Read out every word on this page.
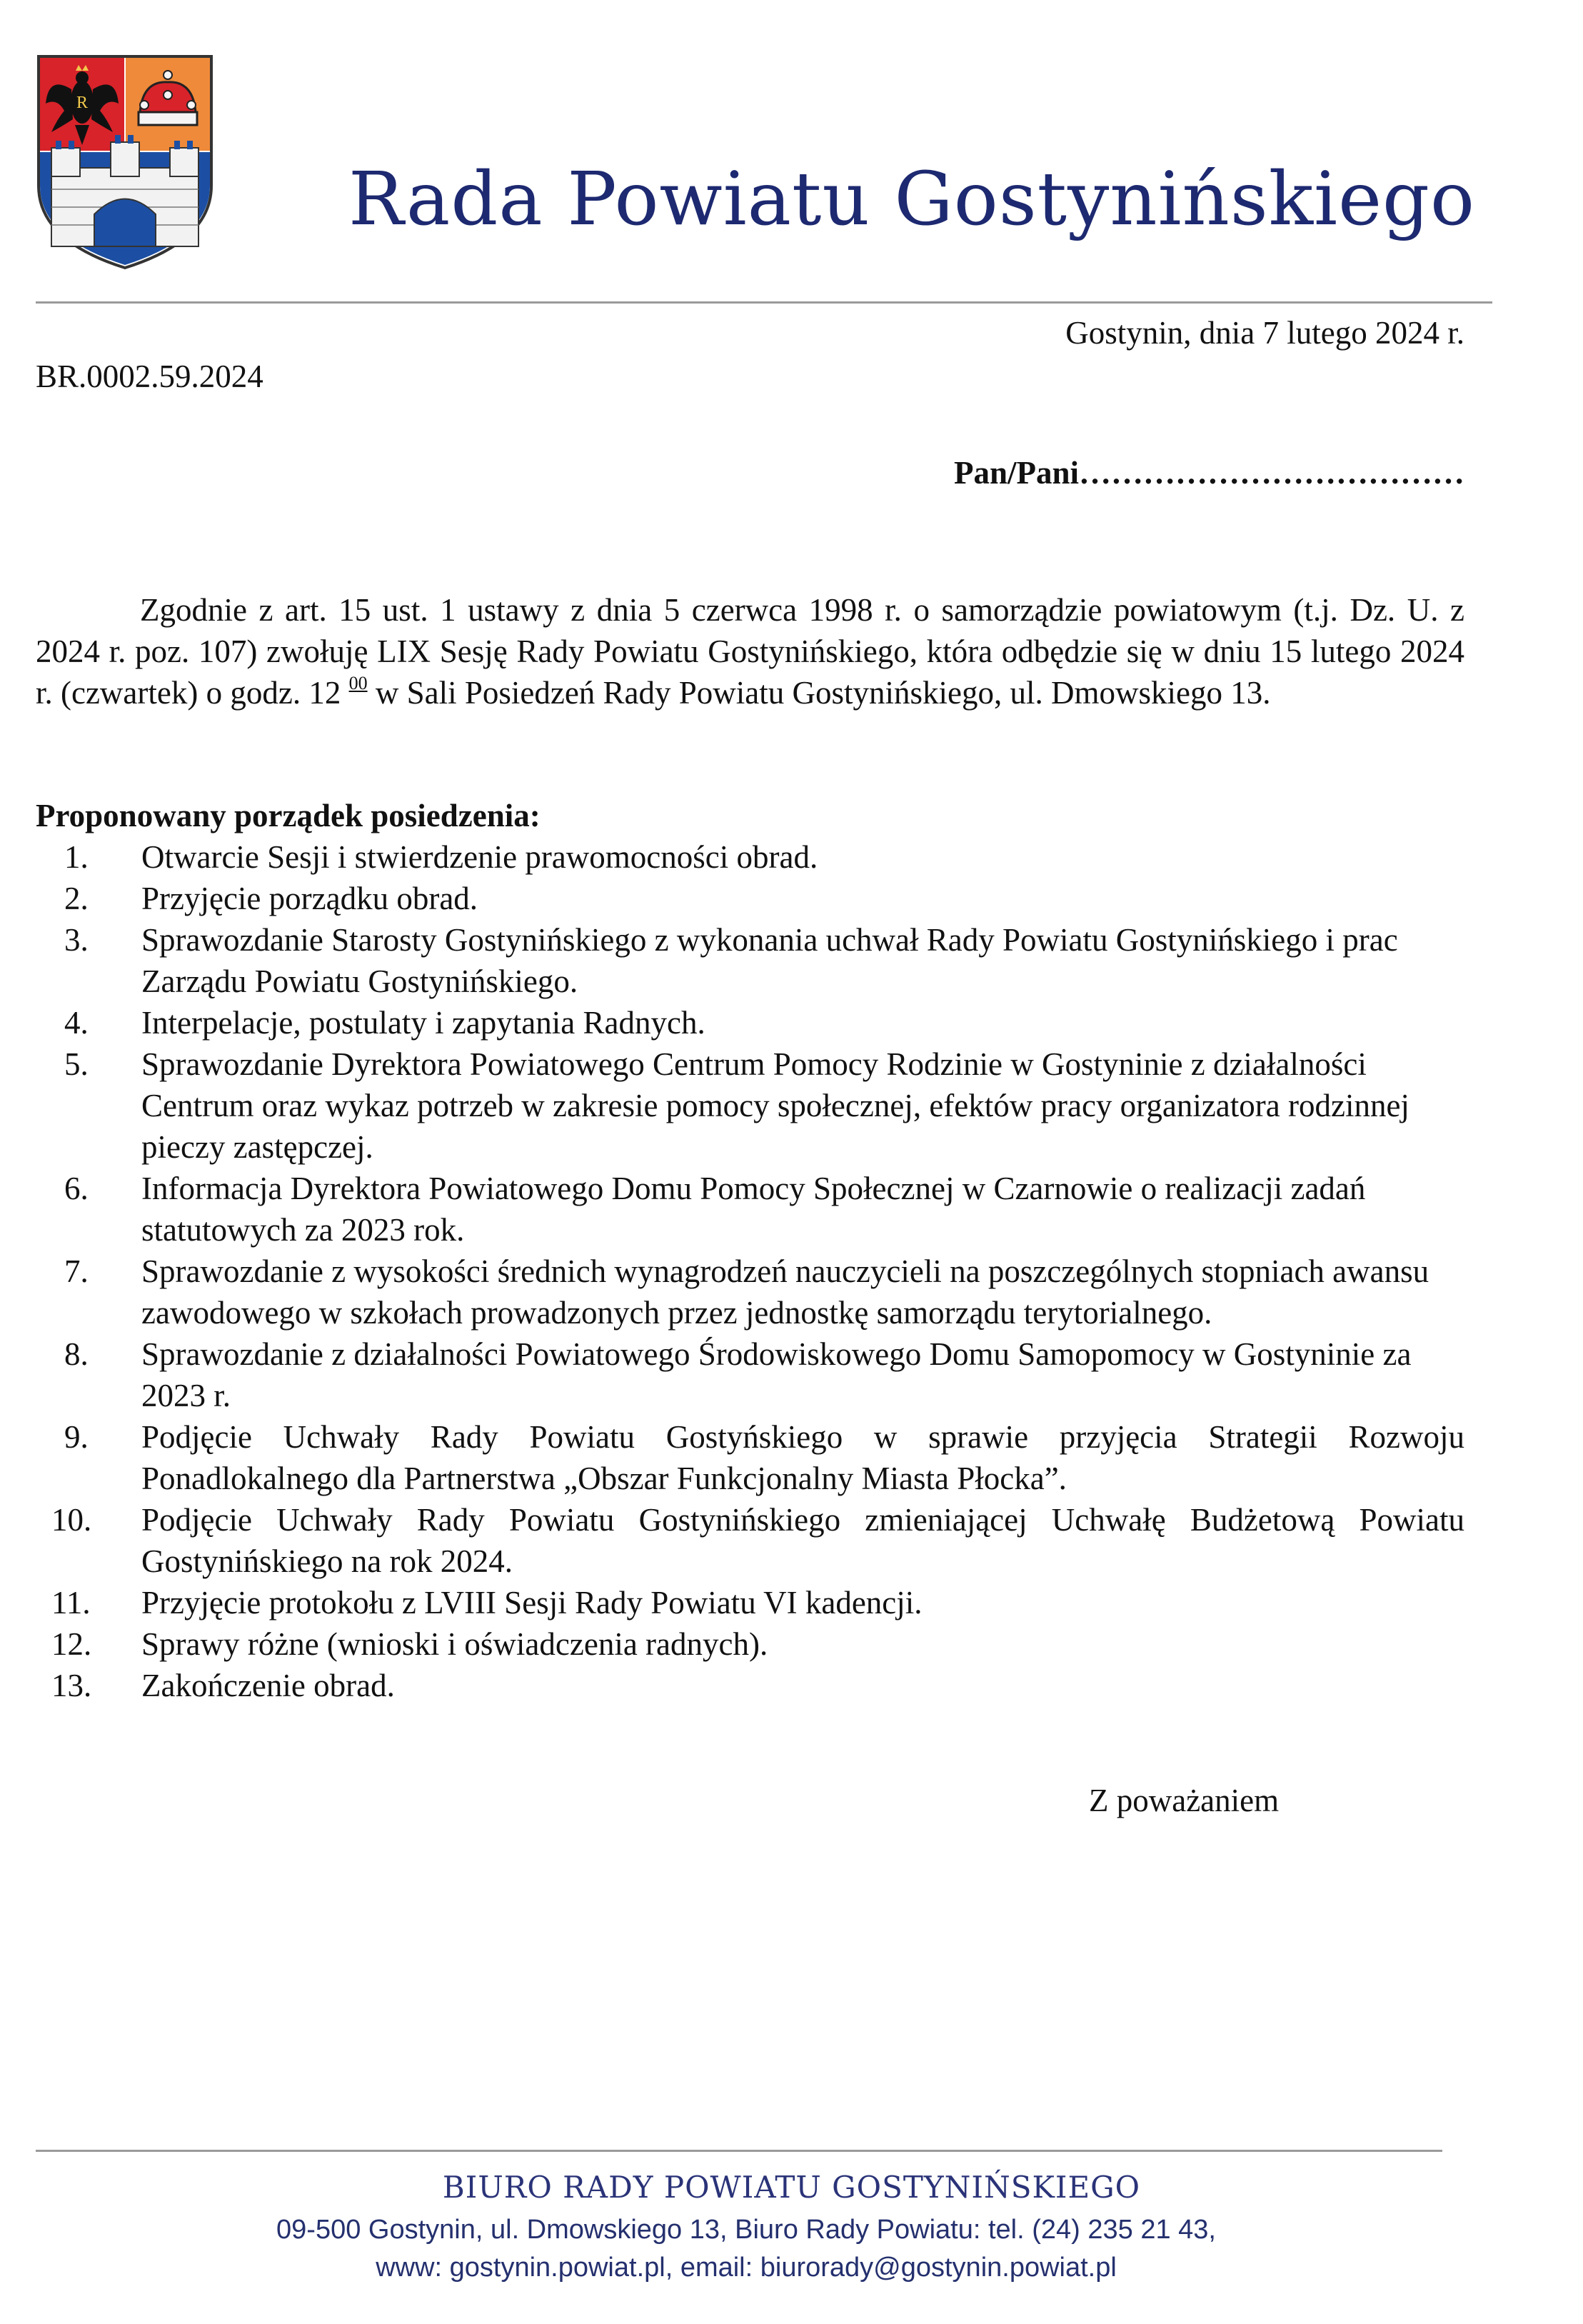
R
Rada Powiatu Gostynińskiego
Gostynin, dnia 7 lutego 2024 r.
BR.0002.59.2024
Pan/Pani………………………………

Zgodnie z art. 15 ust. 1 ustawy z dnia 5 czerwca 1998 r. o samorządzie powiatowym (t.j. Dz. U. z 2024 r. poz. 107) zwołuję LIX Sesję Rady Powiatu Gostynińskiego, która odbędzie się w dniu 15 lutego 2024 r. (czwartek) o godz. 12 $^{00}$ w Sali Posiedzeń Rady Powiatu Gostynińskiego, ul. Dmowskiego 13.

Proponowany porządek posiedzenia:
1.	Otwarcie Sesji i stwierdzenie prawomocności obrad.
2.	Przyjęcie porządku obrad.
3.	Sprawozdanie Starosty Gostynińskiego z wykonania uchwał Rady Powiatu Gostynińskiego i prac Zarządu Powiatu Gostynińskiego.
4.	Interpelacje, postulaty i zapytania Radnych.
5.	Sprawozdanie Dyrektora Powiatowego Centrum Pomocy Rodzinie w Gostyninie z działalności Centrum oraz wykaz potrzeb w zakresie pomocy społecznej, efektów pracy organizatora rodzinnej pieczy zastępczej.
6.	Informacja Dyrektora Powiatowego Domu Pomocy Społecznej w Czarnowie o realizacji zadań statutowych za 2023 rok.
7.	Sprawozdanie z wysokości średnich wynagrodzeń nauczycieli na poszczególnych stopniach awansu zawodowego w szkołach prowadzonych przez jednostkę samorządu terytorialnego.
8.	Sprawozdanie z działalności Powiatowego Środowiskowego Domu Samopomocy w Gostyninie za 2023 r.
9.	Podjęcie Uchwały Rady Powiatu Gostyńskiego w sprawie przyjęcia Strategii Rozwoju Ponadlokalnego dla Partnerstwa „Obszar Funkcjonalny Miasta Płocka”.
10.	Podjęcie Uchwały Rady Powiatu Gostynińskiego zmieniającej Uchwałę Budżetową Powiatu Gostynińskiego na rok 2024.
11.	Przyjęcie protokołu z LVIII Sesji Rady Powiatu VI kadencji.
12.	Sprawy różne (wnioski i oświadczenia radnych).
13.	Zakończenie obrad.
Z poważaniem
BIURO RADY POWIATU GOSTYNIŃSKIEGO
09-500 Gostynin, ul. Dmowskiego 13, Biuro Rady Powiatu: tel. (24) 235 21 43,
www: gostynin.powiat.pl, email: biurorady@gostynin.powiat.pl
